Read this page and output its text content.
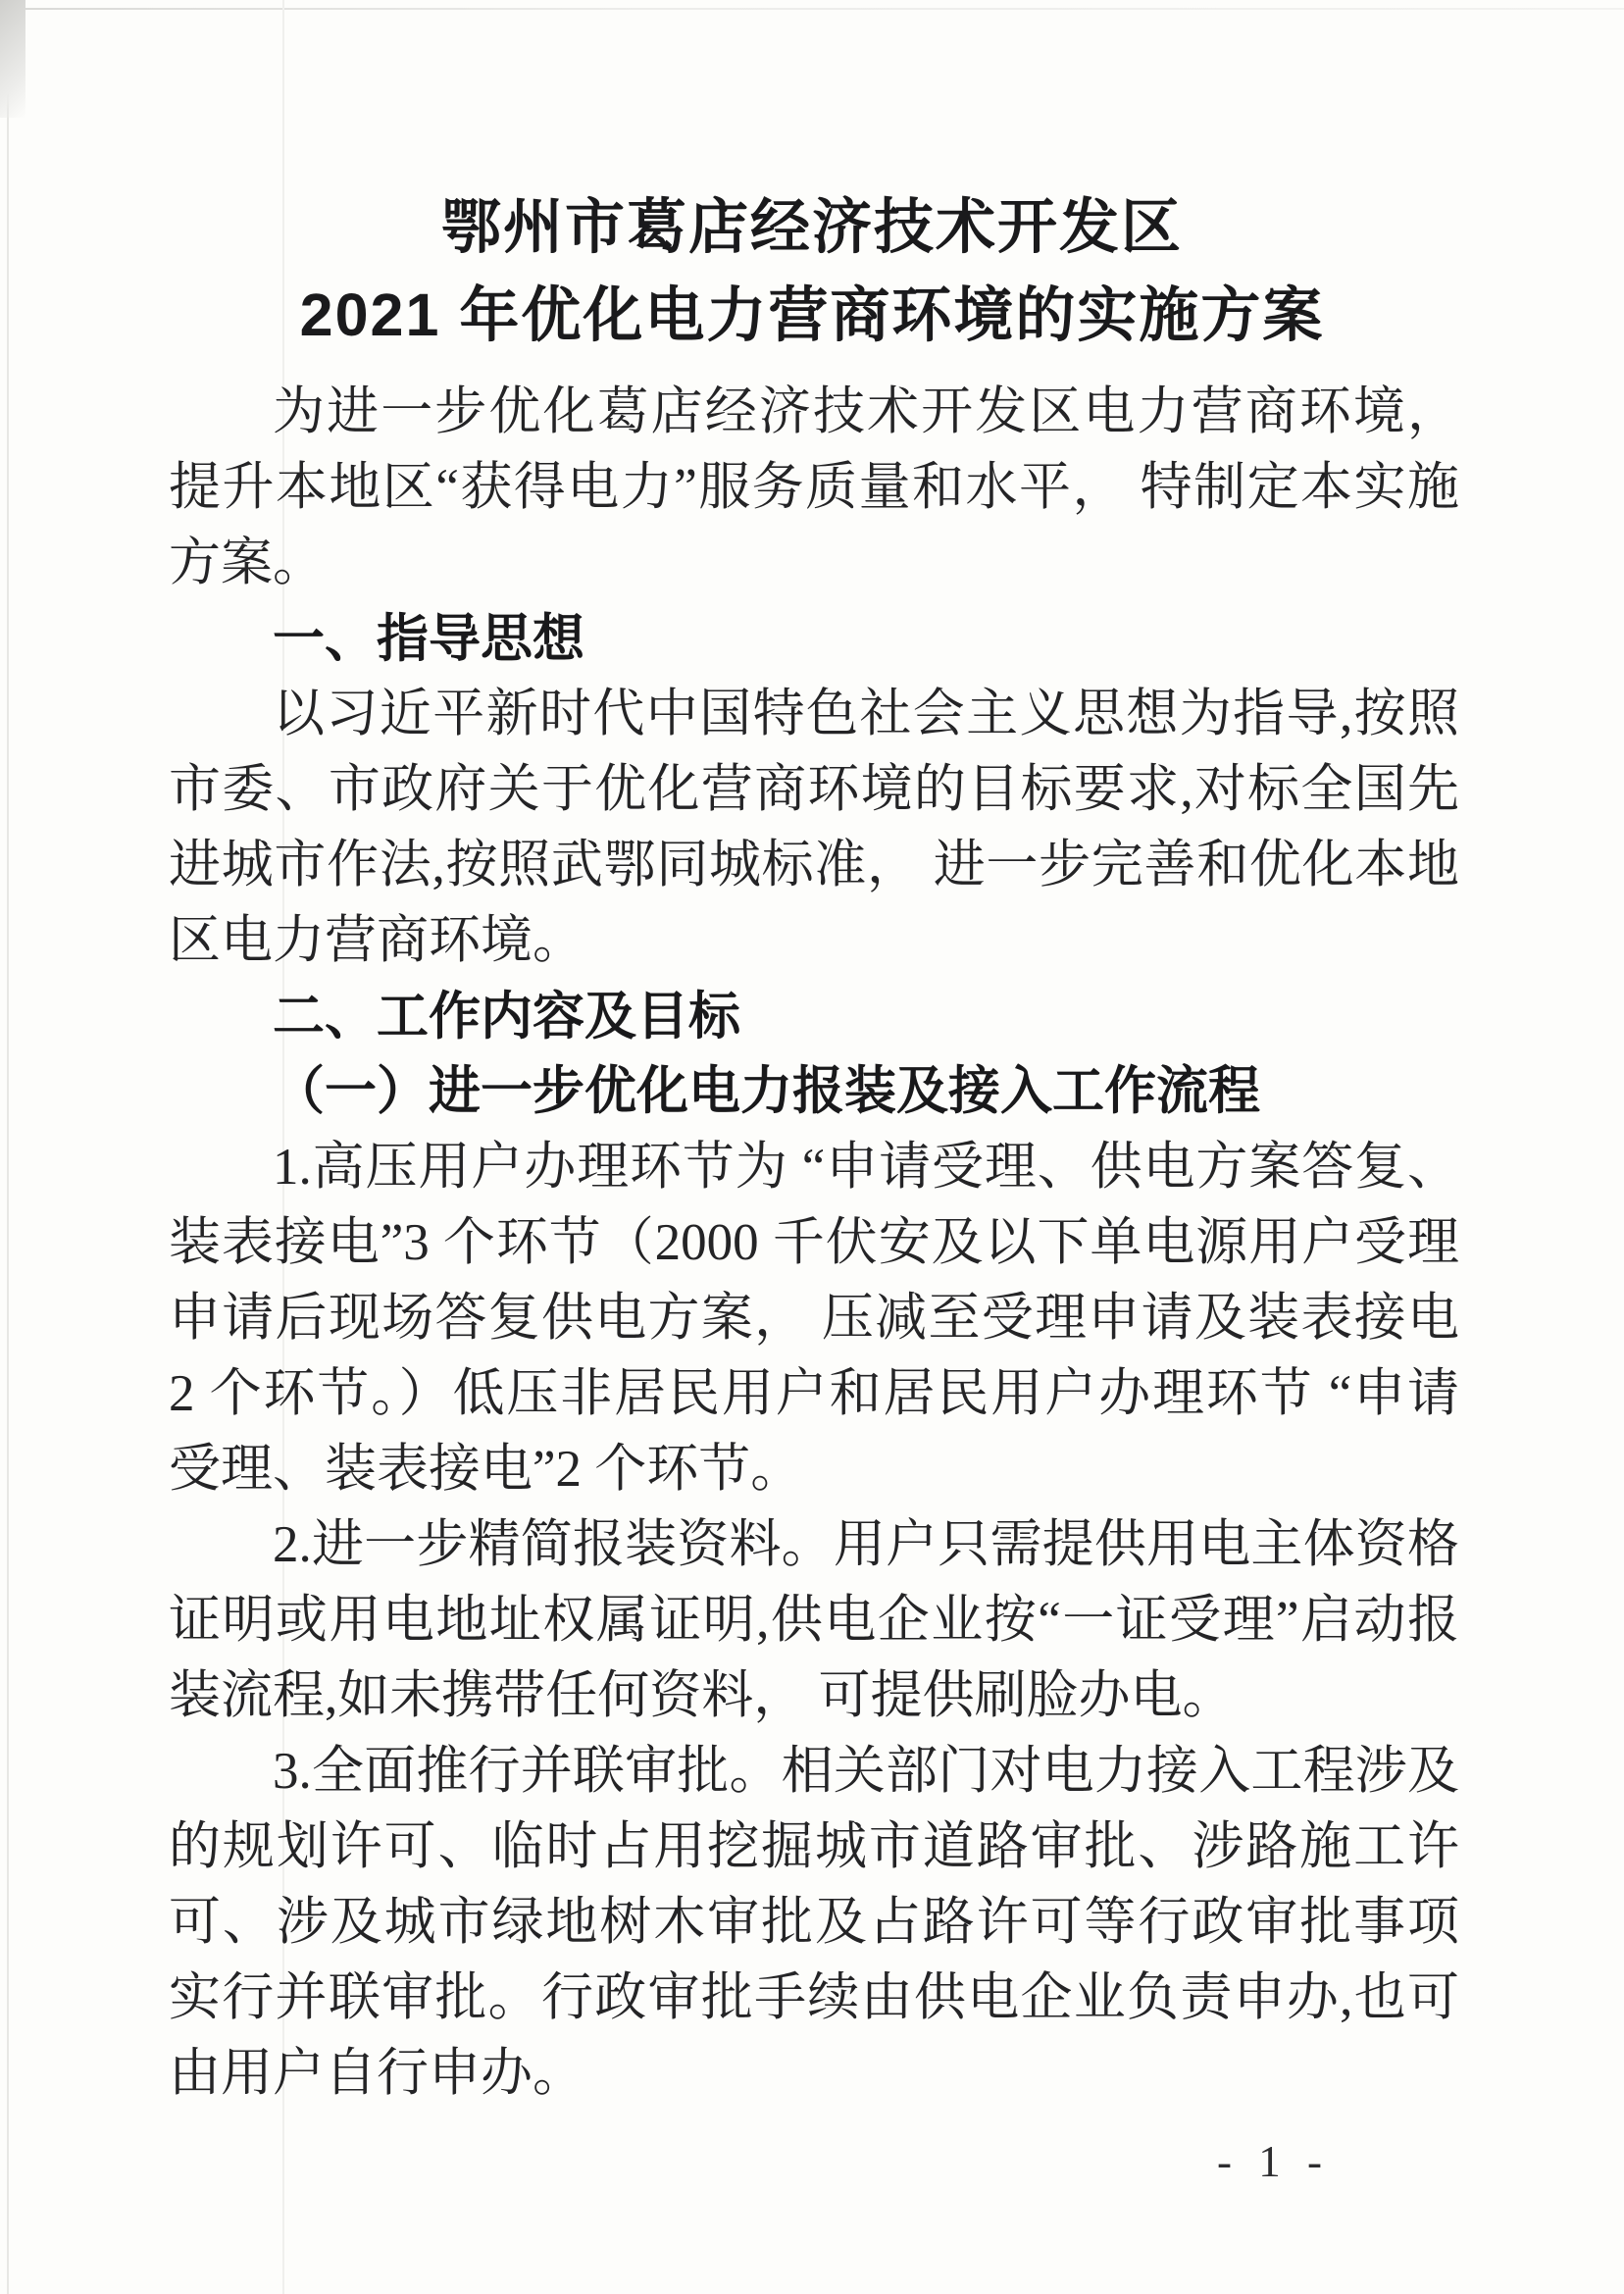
鄂州市葛店经济技术开发区
2021 年优化电力营商环境的实施方案
为进一步优化葛店经济技术开发区电力营商环境， 提升本地区“获得电力”服务质量和水平， 特制定本实施方案。
一、指导思想
以习近平新时代中国特色社会主义思想为指导,按照市委、市政府关于优化营商环境的目标要求,对标全国先进城市作法,按照武鄂同城标准， 进一步完善和优化本地区电力营商环境。
二、工作内容及目标
（一）进一步优化电力报装及接入工作流程
1.高压用户办理环节为 “申请受理、供电方案答复、装表接电”3 个环节（2000 千伏安及以下单电源用户受理申请后现场答复供电方案， 压减至受理申请及装表接电 2 个环节。）低压非居民用户和居民用户办理环节 “申请受理、装表接电”2 个环节。
2.进一步精简报装资料。用户只需提供用电主体资格证明或用电地址权属证明,供电企业按“一证受理”启动报装流程,如未携带任何资料， 可提供刷脸办电。
3.全面推行并联审批。相关部门对电力接入工程涉及的规划许可、临时占用挖掘城市道路审批、涉路施工许可、涉及城市绿地树木审批及占路许可等行政审批事项实行并联审批。行政审批手续由供电企业负责申办,也可由用户自行申办。
- 1 -
